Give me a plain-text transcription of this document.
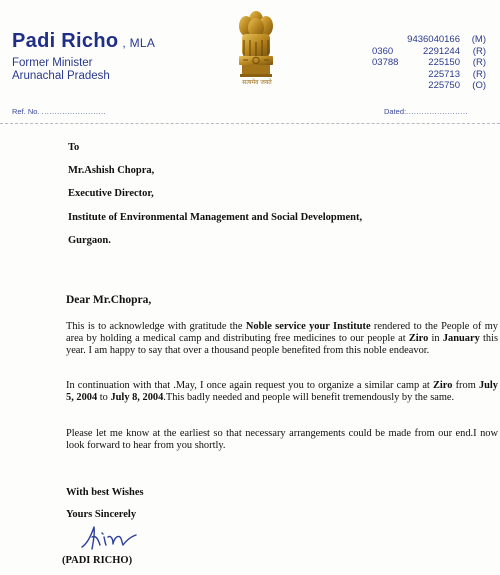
Padi Richo , MLA
Former Minister
Arunachal Pradesh
सत्यमेव जयते
9436040166 (M)
0360	2291244 (R)
03788	225150 (R)
225713 (R)
225750 (O)
Ref. No. .........................	Dated:........................
To
Mr.Ashish Chopra,
Executive Director,
Institute of Environmental Management and Social Development,
Gurgaon.
Dear Mr.Chopra,
This is to acknowledge with gratitude the Noble service your Institute rendered to the People of my area by holding a medical camp and distributing free medicines to our people at Ziro in January this year. I am happy to say that over a thousand people benefited from this noble endeavor.
In continuation with that .May, I once again request you to organize a similar camp at Ziro from July 5, 2004 to July 8, 2004.This badly needed and people will benefit tremendously by the same.
Please let me know at the earliest so that necessary arrangements could be made from our end.I now look forward to hear from you shortly.
With best Wishes
Yours Sincerely
(PADI RICHO)
